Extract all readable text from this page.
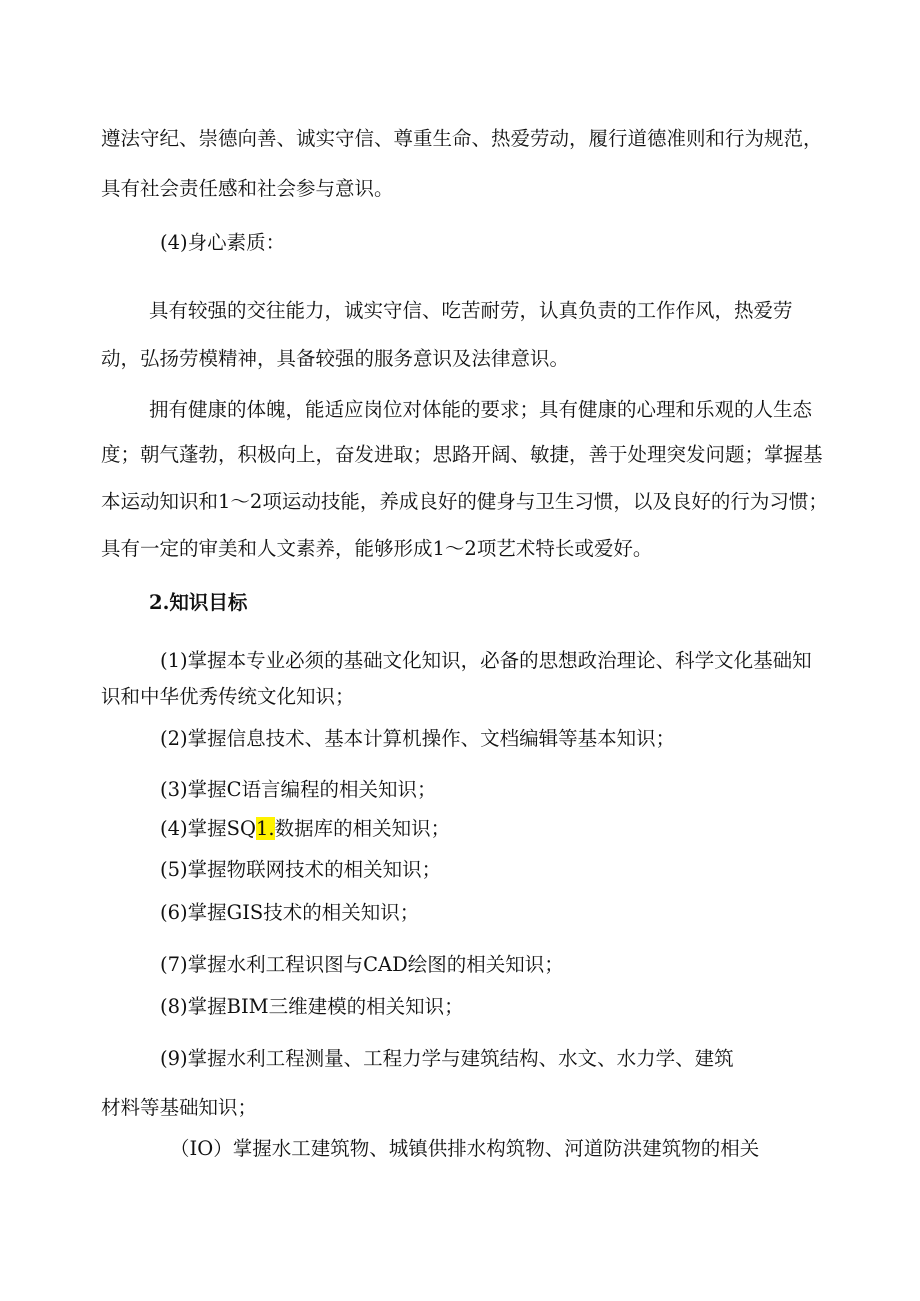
遵法守纪、崇德向善、诚实守信、尊重生命、热爱劳动，履行道德准则和行为规范，
具有社会责任感和社会参与意识。
(4)身心素质：
具有较强的交往能力，诚实守信、吃苦耐劳，认真负责的工作作风，热爱劳
动，弘扬劳模精神，具备较强的服务意识及法律意识。
拥有健康的体魄，能适应岗位对体能的要求；具有健康的心理和乐观的人生态
度；朝气蓬勃，积极向上，奋发进取；思路开阔、敏捷，善于处理突发问题；掌握基
本运动知识和1～2项运动技能，养成良好的健身与卫生习惯，以及良好的行为习惯；
具有一定的审美和人文素养，能够形成1～2项艺术特长或爱好。
2.知识目标
(1)掌握本专业必须的基础文化知识，必备的思想政治理论、科学文化基础知
识和中华优秀传统文化知识；
(2)掌握信息技术、基本计算机操作、文档编辑等基本知识；
(3)掌握C语言编程的相关知识；
(4)掌握SQ1.数据库的相关知识；
(5)掌握物联网技术的相关知识；
(6)掌握GIS技术的相关知识；
(7)掌握水利工程识图与CAD绘图的相关知识；
(8)掌握BIM三维建模的相关知识；
(9)掌握水利工程测量、工程力学与建筑结构、水文、水力学、建筑
材料等基础知识；
（IO）掌握水工建筑物、城镇供排水构筑物、河道防洪建筑物的相关
